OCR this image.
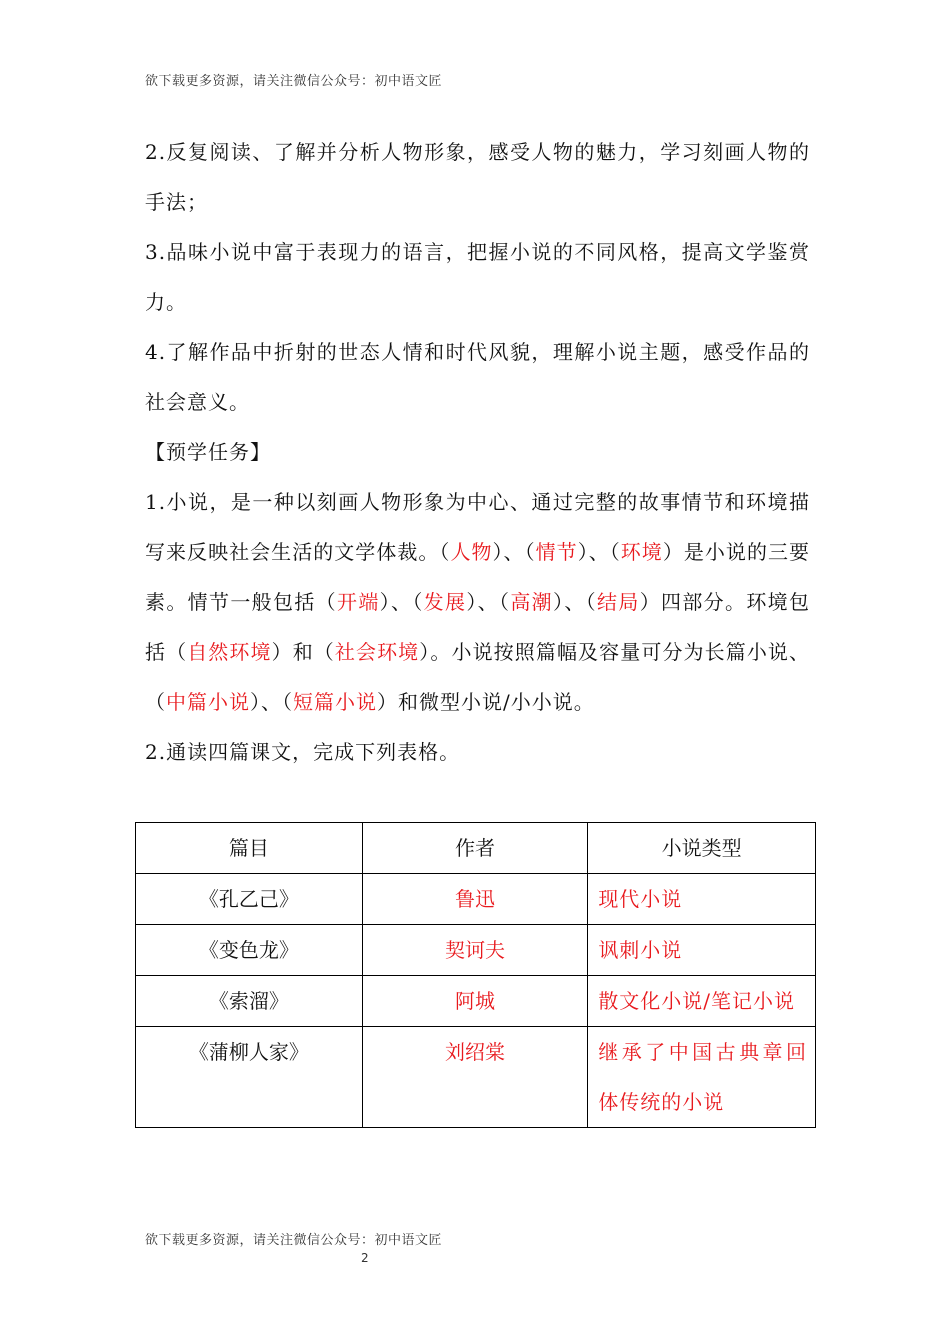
欲下载更多资源，请关注微信公众号：初中语文匠

2.反复阅读、了解并分析人物形象，感受人物的魅力，学习刻画人物的手法；

3.品味小说中富于表现力的语言，把握小说的不同风格，提高文学鉴赏力。

4.了解作品中折射的世态人情和时代风貌，理解小说主题，感受作品的社会意义。

【预学任务】

1.小说，是一种以刻画人物形象为中心、通过完整的故事情节和环境描写来反映社会生活的文学体裁。（人物）、（情节）、（环境）是小说的三要素。情节一般包括（开端）、（发展）、（高潮）、（结局）四部分。环境包括（自然环境）和（社会环境）。小说按照篇幅及容量可分为长篇小说、（中篇小说）、（短篇小说）和微型小说/小小说。

2.通读四篇课文，完成下列表格。

篇目	作者	小说类型
《孔乙己》	鲁迅	现代小说
《变色龙》	契诃夫	讽刺小说
《索溜》	阿城	散文化小说/笔记小说
《蒲柳人家》	刘绍棠	继承了中国古典章回体传统的小说
欲下载更多资源，请关注微信公众号：初中语文匠
2
